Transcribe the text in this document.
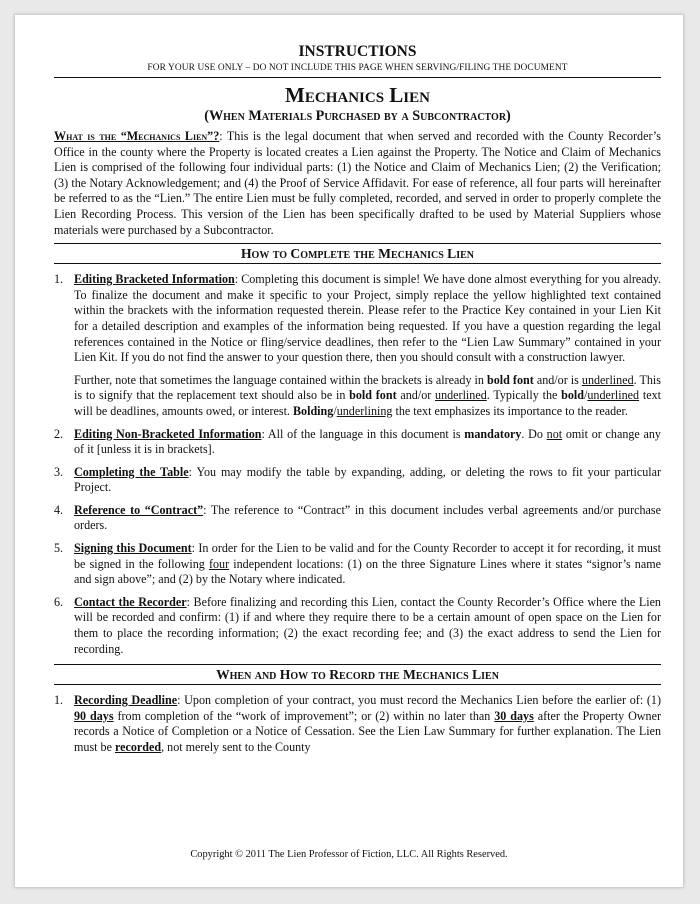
INSTRUCTIONS
FOR YOUR USE ONLY – DO NOT INCLUDE THIS PAGE WHEN SERVING/FILING THE DOCUMENT
Mechanics Lien
(When Materials Purchased by a Subcontractor)

What is the “Mechanics Lien”?: This is the legal document that when served and recorded with the County Recorder’s Office in the county where the Property is located creates a Lien against the Property. The Notice and Claim of Mechanics Lien is comprised of the following four individual parts: (1) the Notice and Claim of Mechanics Lien; (2) the Verification; (3) the Notary Acknowledgement; and (4) the Proof of Service Affidavit. For ease of reference, all four parts will hereinafter be referred to as the “Lien.” The entire Lien must be fully completed, recorded, and served in order to properly complete the Lien Recording Process. This version of the Lien has been specifically drafted to be used by Material Suppliers whose materials were purchased by a Subcontractor.

How to Complete the Mechanics Lien
1. Editing Bracketed Information: Completing this document is simple! We have done almost everything for you already. To finalize the document and make it specific to your Project, simply replace the yellow highlighted text contained within the brackets with the information requested therein. Please refer to the Practice Key contained in your Lien Kit for a detailed description and examples of the information being requested. If you have a question regarding the legal references contained in the Notice or fling/service deadlines, then refer to the “Lien Law Summary” contained in your Lien Kit. If you do not find the answer to your question there, then you should consult with a construction lawyer.

Further, note that sometimes the language contained within the brackets is already in bold font and/or is underlined. This is to signify that the replacement text should also be in bold font and/or underlined. Typically the bold/underlined text will be deadlines, amounts owed, or interest. Bolding/underlining the text emphasizes its importance to the reader.

2. Editing Non-Bracketed Information: All of the language in this document is mandatory. Do not omit or change any of it [unless it is in brackets].

3. Completing the Table: You may modify the table by expanding, adding, or deleting the rows to fit your particular Project.

4. Reference to “Contract”: The reference to “Contract” in this document includes verbal agreements and/or purchase orders.

5. Signing this Document: In order for the Lien to be valid and for the County Recorder to accept it for recording, it must be signed in the following four independent locations: (1) on the three Signature Lines where it states “signor’s name and sign above”; and (2) by the Notary where indicated.

6. Contact the Recorder: Before finalizing and recording this Lien, contact the County Recorder’s Office where the Lien will be recorded and confirm: (1) if and where they require there to be a certain amount of open space on the Lien for them to place the recording information; (2) the exact recording fee; and (3) the exact address to send the Lien for recording.

When and How to Record the Mechanics Lien
1. Recording Deadline: Upon completion of your contract, you must record the Mechanics Lien before the earlier of: (1) 90 days from completion of the “work of improvement”; or (2) within no later than 30 days after the Property Owner records a Notice of Completion or a Notice of Cessation. See the Lien Law Summary for further explanation. The Lien must be recorded, not merely sent to the County

Copyright © 2011 The Lien Professor of Fiction, LLC. All Rights Reserved.
